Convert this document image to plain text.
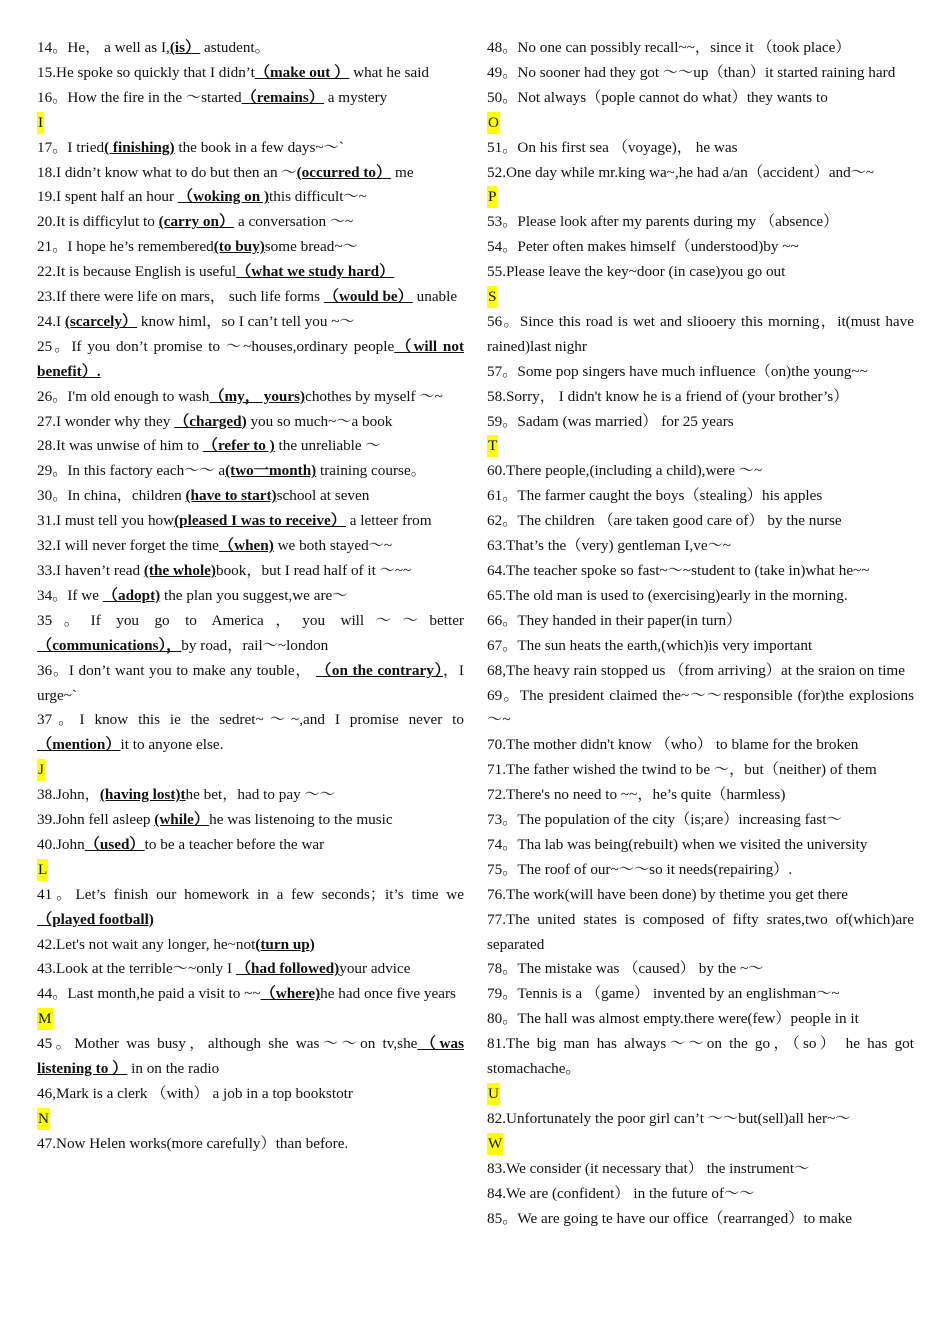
14。He， a well as I,(is） astudent。

15.He spoke so quickly that I didn’t（make out ） what he said

16。How the fire in the ～started（remains） a mystery

I

17。I tried( finishing) the book in a few days~～`

18.I didn’t know what to do but then an ～(occurred to） me

19.I spent half an hour （woking on )this difficult～~

20.It is difficylut to (carry on） a conversation ～~

21。I hope he’s remembered(to buy)some bread~～

22.It is because English is useful（what we study hard）

23.If there were life on mars， such life forms （would be） unable

24.I (scarcely） know himl，so I can’t tell you ~～

25。If you don’t promise to ～~houses,ordinary people（will not benefit）.

26。I'm old enough to wash（my， yours)chothes by myself ～~

27.I wonder why they （charged) you so much~～a book

28.It was unwise of him to （refer to ) the unreliable ～

29。In this factory each～～ a(two一month) training course。

30。In china，children (have to start)school at seven

31.I must tell you how(pleased I was to receive） a letteer from

32.I will never forget the time（when) we both stayed～~

33.I haven’t read (the whole)book，but I read half of it ～~~

34。If we （adopt) the plan you suggest,we are～

35。If you go to America，you will～～better（communications），by road，rail～~london

36。I don’t want you to make any touble， （on the contrary），I urge~`

37。I know this ie the sedret~～~,and I promise never to（mention）it to anyone else.

J

38.John，(having lost)the bet，had to pay ～～

39.John fell asleep (while）he was listenoing to the music

40.John（used）to be a teacher before the war

L

41。Let’s finish our homework in a few seconds；it’s time we（played football)

42.Let's not wait any longer, he~not(turn up)

43.Look at the terrible～~only I （had followed)your advice

44。Last month,he paid a visit to ~~（where)he had once five years

M

45。Mother was busy，although she was～～on tv,she（was listening to ） in on the radio

46,Mark is a clerk （with） a job in a top bookstotr

N

47.Now Helen works(more carefully）than before.

48。No one can possibly recall~~，since it （took place）

49。No sooner had they got ～～up（than）it started raining hard

50。Not always（pople cannot do what）they wants to

O

51。On his first sea （voyage)， he was

52.One day while mr.king wa~,he had a/an（accident）and～~

P

53。Please look after my parents during my （absence）

54。Peter often makes himself（understood)by ~~

55.Please leave the key~door (in case)you go out

S

56。Since this road is wet and sliooery this morning，it(must have rained)last nighr

57。Some pop singers have much influence（on)the young~~

58.Sorry， I didn't know he is a friend of (your brother’s）

59。Sadam (was married） for 25 years

T

60.There people,(including a child),were ～~

61。The farmer caught the boys（stealing）his apples

62。The children （are taken good care of） by the nurse

63.That’s the（very) gentleman I,ve～~

64.The teacher spoke so fast~～~student to (take in)what he~~

65.The old man is used to (exercising)early in the morning.

66。They handed in their paper(in turn）

67。The sun heats the earth,(which)is very important

68,The heavy rain stopped us （from arriving）at the sraion on time

69。The president claimed the~～～responsible (for)the explosions～~

70.The mother didn't know （who） to blame for the broken

71.The father wished the twind to be ～，but（neither) of them

72.There's no need to ~~，he’s quite（harmless)

73。The population of the city（is;are）increasing fast～

74。Tha lab was being(rebuilt) when we visited the university

75。The roof of our~～～so it needs(repairing）.

76.The work(will have been done) by thetime you get there

77.The united states is composed of fifty srates,two of(which)are separated

78。The mistake was （caused） by the ~～

79。Tennis is a （game） invented by an englishman～~

80。The hall was almost empty.there were(few）people in it

81.The big man has always～～on the go，（so） he has got stomachache。

U

82.Unfortunately the poor girl can’t ～～but(sell)all her~～

W

83.We consider (it necessary that） the instrument～

84.We are (confident） in the future of～～

85。We are going te have our office（rearranged）to make
